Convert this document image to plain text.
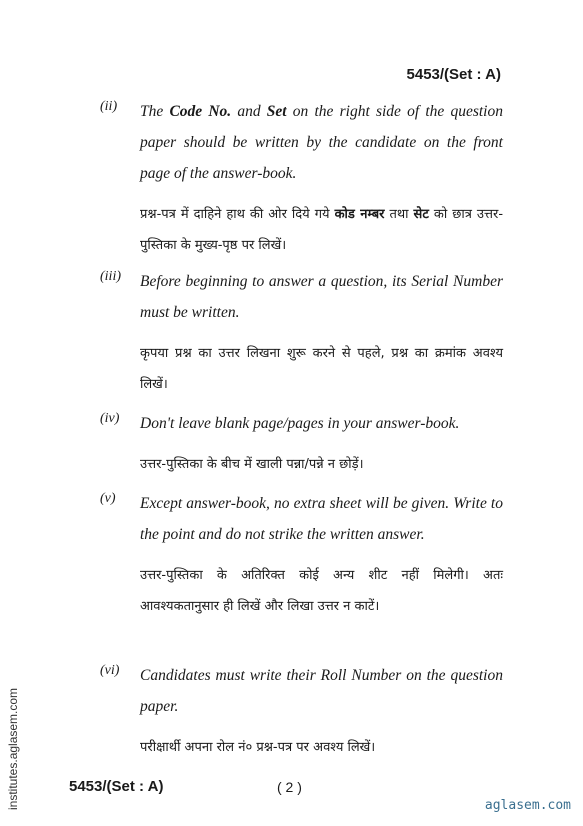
5453/(Set : A)
(ii) The Code No. and Set on the right side of the question paper should be written by the candidate on the front page of the answer-book.
प्रश्न-पत्र में दाहिने हाथ की ओर दिये गये कोड नम्बर तथा सेट को छात्र उत्तर-पुस्तिका के मुख्य-पृष्ठ पर लिखें।
(iii) Before beginning to answer a question, its Serial Number must be written.
कृपया प्रश्न का उत्तर लिखना शुरू करने से पहले, प्रश्न का क्रमांक अवश्य लिखें।
(iv) Don't leave blank page/pages in your answer-book.
उत्तर-पुस्तिका के बीच में खाली पन्ना/पन्ने न छोड़ें।
(v) Except answer-book, no extra sheet will be given. Write to the point and do not strike the written answer.
उत्तर-पुस्तिका के अतिरिक्त कोई अन्य शीट नहीं मिलेगी। अतः आवश्यकतानुसार ही लिखें और लिखा उत्तर न काटें।
(vi) Candidates must write their Roll Number on the question paper.
परीक्षार्थी अपना रोल नं० प्रश्न-पत्र पर अवश्य लिखें।
institutes.aglasem.com	5453/(Set : A)	( 2 )
aglasem.com
